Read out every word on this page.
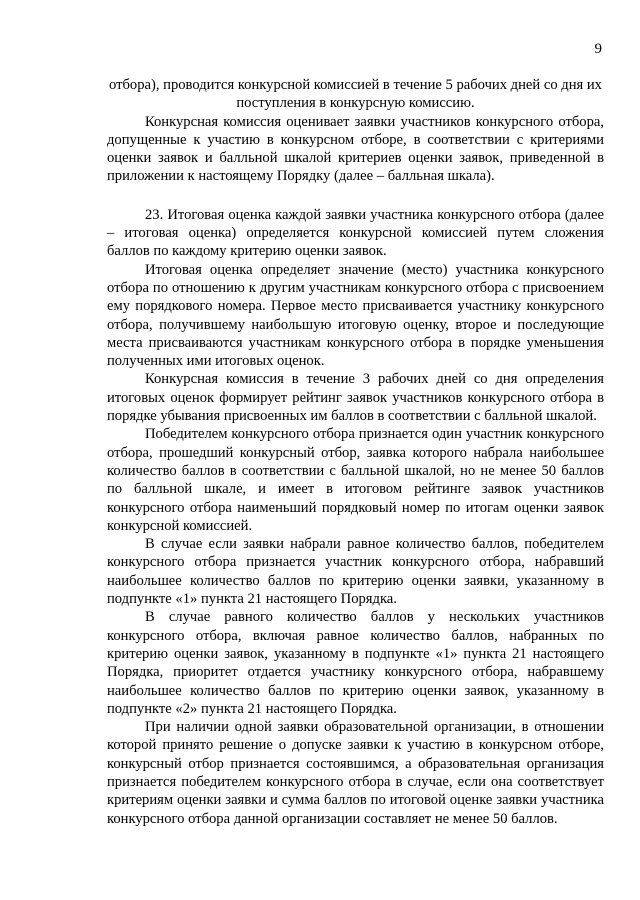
9

отбора), проводится конкурсной комиссией в течение 5 рабочих дней со дня их поступления в конкурсную комиссию.

Конкурсная комиссия оценивает заявки участников конкурсного отбора, допущенные к участию в конкурсном отборе, в соответствии с критериями оценки заявок и балльной шкалой критериев оценки заявок, приведенной в приложении к настоящему Порядку (далее – балльная шкала).

23. Итоговая оценка каждой заявки участника конкурсного отбора (далее – итоговая оценка) определяется конкурсной комиссией путем сложения баллов по каждому критерию оценки заявок.

Итоговая оценка определяет значение (место) участника конкурсного отбора по отношению к другим участникам конкурсного отбора с присвоением ему порядкового номера. Первое место присваивается участнику конкурсного отбора, получившему наибольшую итоговую оценку, второе и последующие места присваиваются участникам конкурсного отбора в порядке уменьшения полученных ими итоговых оценок.

Конкурсная комиссия в течение 3 рабочих дней со дня определения итоговых оценок формирует рейтинг заявок участников конкурсного отбора в порядке убывания присвоенных им баллов в соответствии с балльной шкалой.

Победителем конкурсного отбора признается один участник конкурсного отбора, прошедший конкурсный отбор, заявка которого набрала наибольшее количество баллов в соответствии с балльной шкалой, но не менее 50 баллов по балльной шкале, и имеет в итоговом рейтинге заявок участников конкурсного отбора наименьший порядковый номер по итогам оценки заявок конкурсной комиссией.

В случае если заявки набрали равное количество баллов, победителем конкурсного отбора признается участник конкурсного отбора, набравший наибольшее количество баллов по критерию оценки заявки, указанному в подпункте «1» пункта 21 настоящего Порядка.

В случае равного количество баллов у нескольких участников конкурсного отбора, включая равное количество баллов, набранных по критерию оценки заявок, указанному в подпункте «1» пункта 21 настоящего Порядка, приоритет отдается участнику конкурсного отбора, набравшему наибольшее количество баллов по критерию оценки заявок, указанному в подпункте «2» пункта 21 настоящего Порядка.

При наличии одной заявки образовательной организации, в отношении которой принято решение о допуске заявки к участию в конкурсном отборе, конкурсный отбор признается состоявшимся, а образовательная организация признается победителем конкурсного отбора в случае, если она соответствует критериям оценки заявки и сумма баллов по итоговой оценке заявки участника конкурсного отбора данной организации составляет не менее 50 баллов.
